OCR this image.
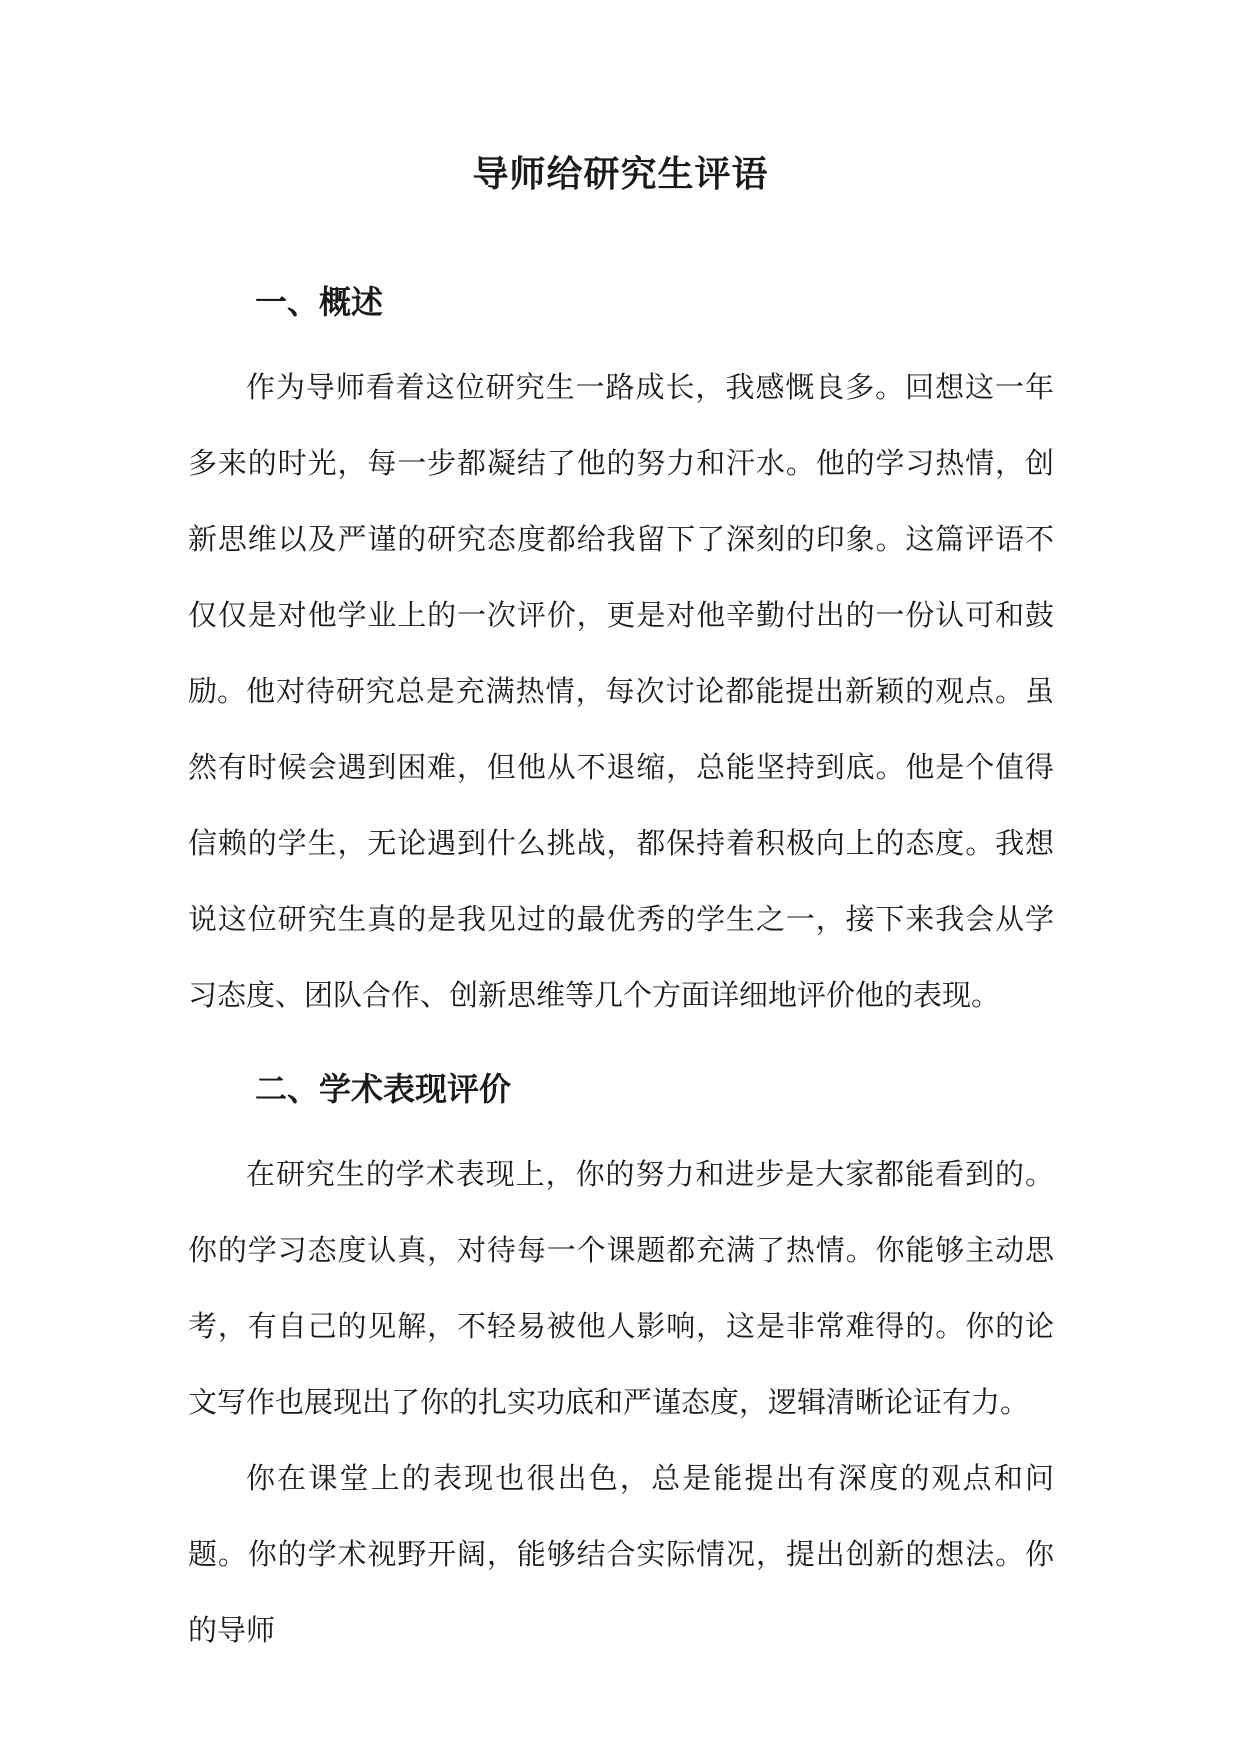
导师给研究生评语
一、概述

作为导师看着这位研究生一路成长，我感慨良多。回想这一年多来的时光，每一步都凝结了他的努力和汗水。他的学习热情，创新思维以及严谨的研究态度都给我留下了深刻的印象。这篇评语不仅仅是对他学业上的一次评价，更是对他辛勤付出的一份认可和鼓励。 他对待研究总是充满热情，每次讨论都能提出新颖的观点。虽然有时候会遇到困难，但他从不退缩，总能坚持到底。他是个值得信赖的学生，无论遇到什么挑战，都保持着积极向上的态度。我想说这位研究生真的是我见过的最优秀的学生之一，接下来我会从学习态度、团队合作、创新思维等几个方面详细地评价他的表现。

二、学术表现评价

在研究生的学术表现上，你的努力和进步是大家都能看到的。你的学习态度认真，对待每一个课题都充满了热情。你能够主动思考，有自己的见解，不轻易被他人影响，这是非常难得的。你的论文写作也展现出了你的扎实功底和严谨态度，逻辑清晰论证有力。

你在课堂上的表现也很出色，总是能提出有深度的观点和问题。你的学术视野开阔，能够结合实际情况，提出创新的想法。你的导师
